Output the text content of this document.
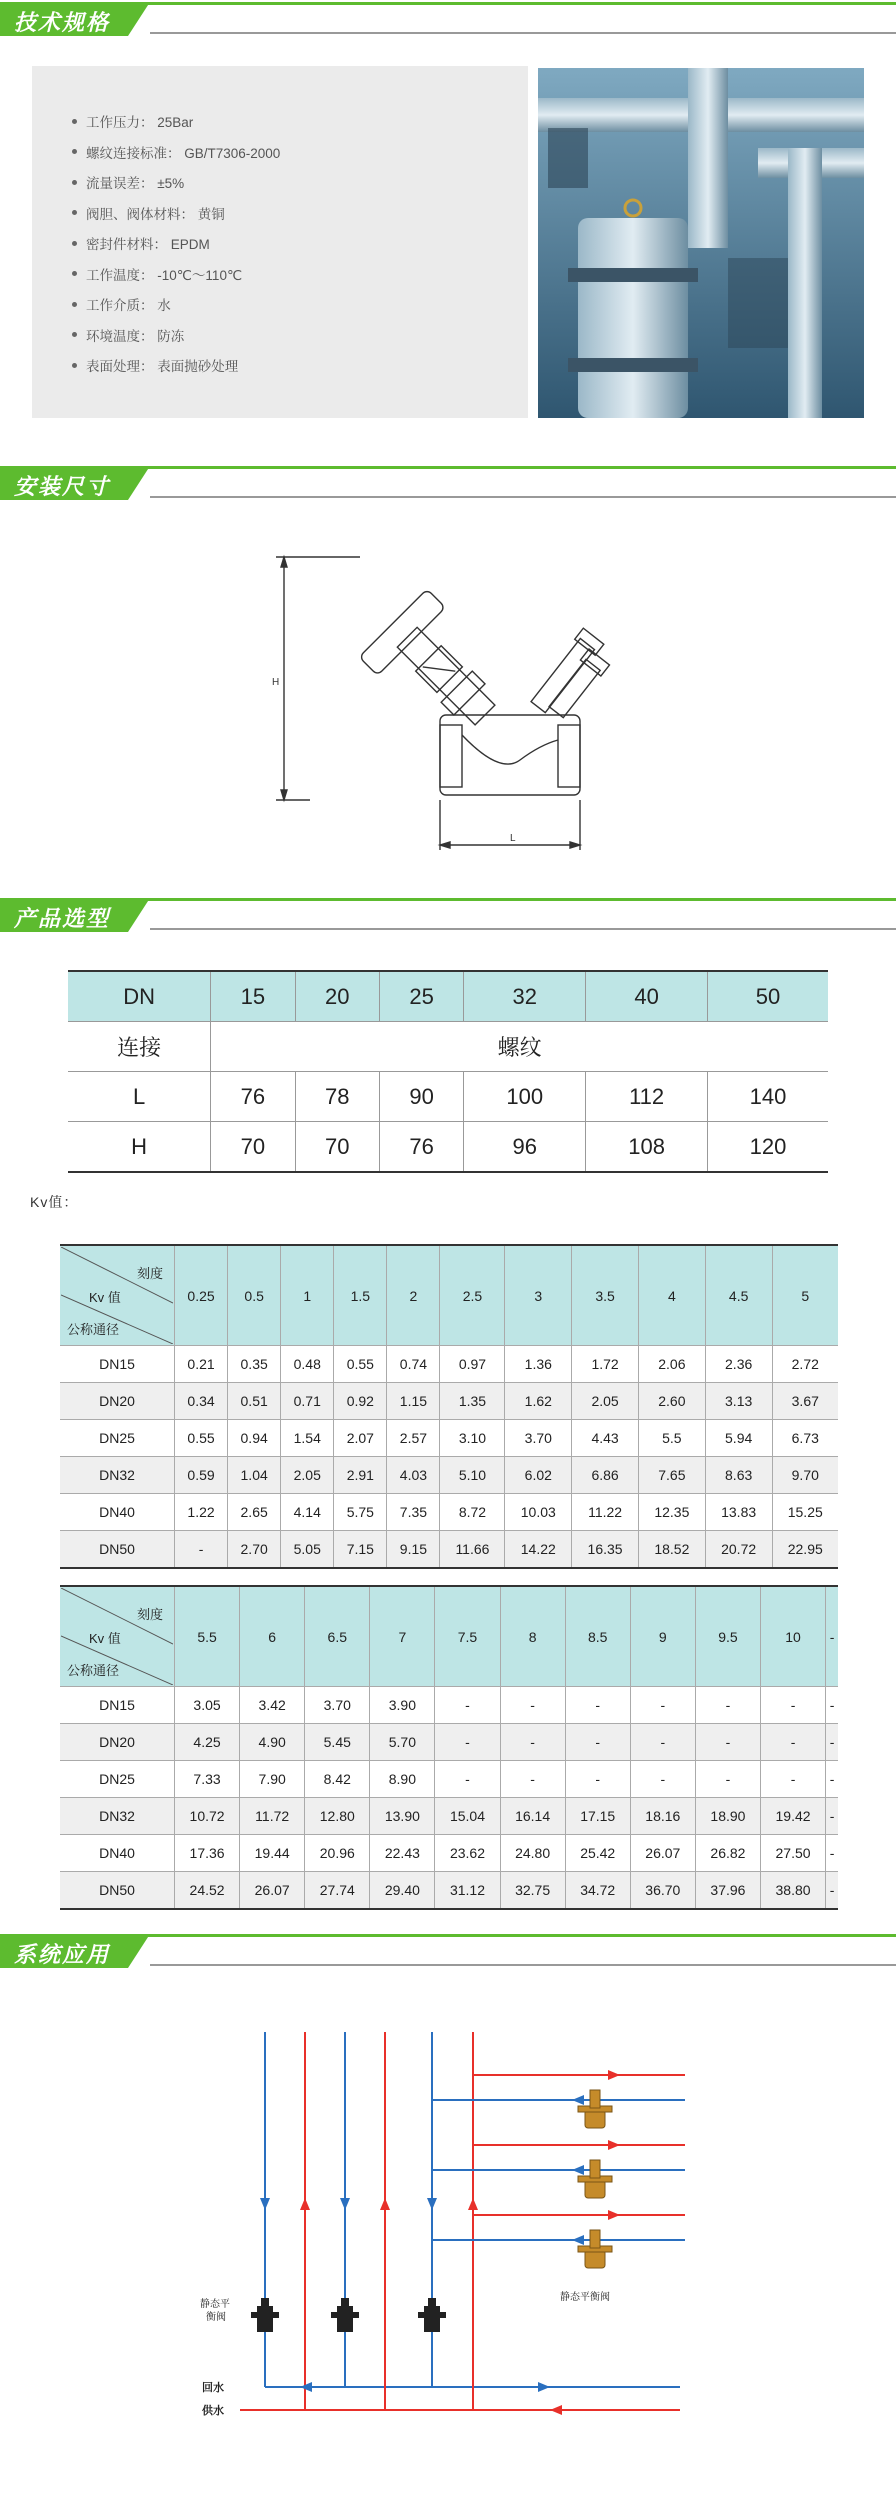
技术规格
工作压力： 25Bar
螺纹连接标准： GB/T7306-2000
流量误差： ±5%
阀胆、阀体材料： 黄铜
密封件材料： EPDM
工作温度： -10℃～110℃
工作介质： 水
环境温度： 防冻
表面处理： 表面抛砂处理
安装尺寸
H
L
产品选型
DN	15	20	25	32	40	50
连接	螺纹					
L	76	78	90	100	112	140
H	70	70	76	96	108	120
Kv值：
刻度
Kv 值
公称通径	0.25	0.5	1	1.5	2	2.5	3	3.5	4	4.5	5
DN15	0.21	0.35	0.48	0.55	0.74	0.97	1.36	1.72	2.06	2.36	2.72
DN20	0.34	0.51	0.71	0.92	1.15	1.35	1.62	2.05	2.60	3.13	3.67
DN25	0.55	0.94	1.54	2.07	2.57	3.10	3.70	4.43	5.5	5.94	6.73
DN32	0.59	1.04	2.05	2.91	4.03	5.10	6.02	6.86	7.65	8.63	9.70
DN40	1.22	2.65	4.14	5.75	7.35	8.72	10.03	11.22	12.35	13.83	15.25
DN50	-	2.70	5.05	7.15	9.15	11.66	14.22	16.35	18.52	20.72	22.95
刻度
Kv 值
公称通径	5.5	6	6.5	7	7.5	8	8.5	9	9.5	10	-
DN15	3.05	3.42	3.70	3.90	-	-	-	-	-	-	-
DN20	4.25	4.90	5.45	5.70	-	-	-	-	-	-	-
DN25	7.33	7.90	8.42	8.90	-	-	-	-	-	-	-
DN32	10.72	11.72	12.80	13.90	15.04	16.14	17.15	18.16	18.90	19.42	-
DN40	17.36	19.44	20.96	22.43	23.62	24.80	25.42	26.07	26.82	27.50	-
DN50	24.52	26.07	27.74	29.40	31.12	32.75	34.72	36.70	37.96	38.80	-
系统应用
静态平
衡阀
静态平衡阀
回水
供水
